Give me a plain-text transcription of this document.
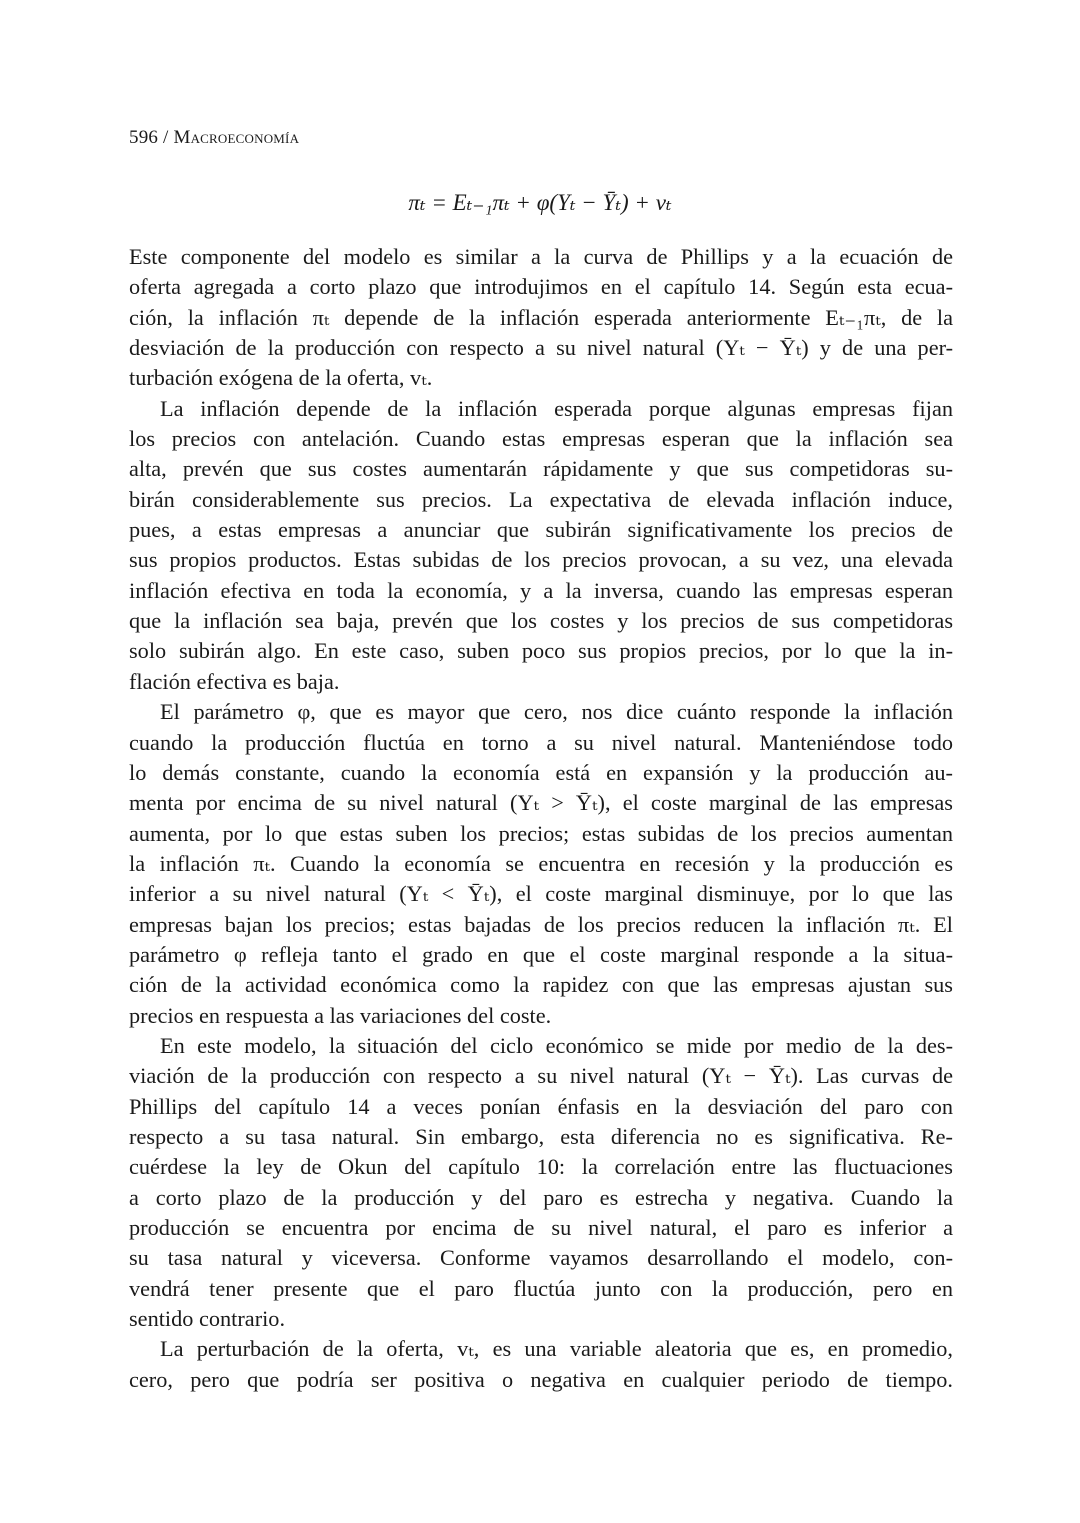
596 / Macroeconomía
πₜ = Eₜ₋₁πₜ + φ(Yₜ − Ȳₜ) + vₜ
Este componente del modelo es similar a la curva de Phillips y a la ecuación de
oferta agregada a corto plazo que introdujimos en el capítulo 14. Según esta ecua-
ción, la inflación πₜ depende de la inflación esperada anteriormente Eₜ₋₁πₜ, de la
desviación de la producción con respecto a su nivel natural (Yₜ − Ȳₜ) y de una per-
turbación exógena de la oferta, vₜ.
La inflación depende de la inflación esperada porque algunas empresas fijan
los precios con antelación. Cuando estas empresas esperan que la inflación sea
alta, prevén que sus costes aumentarán rápidamente y que sus competidoras su-
birán considerablemente sus precios. La expectativa de elevada inflación induce,
pues, a estas empresas a anunciar que subirán significativamente los precios de
sus propios productos. Estas subidas de los precios provocan, a su vez, una elevada
inflación efectiva en toda la economía, y a la inversa, cuando las empresas esperan
que la inflación sea baja, prevén que los costes y los precios de sus competidoras
solo subirán algo. En este caso, suben poco sus propios precios, por lo que la in-
flación efectiva es baja.
El parámetro φ, que es mayor que cero, nos dice cuánto responde la inflación
cuando la producción fluctúa en torno a su nivel natural. Manteniéndose todo
lo demás constante, cuando la economía está en expansión y la producción au-
menta por encima de su nivel natural (Yₜ > Ȳₜ), el coste marginal de las empresas
aumenta, por lo que estas suben los precios; estas subidas de los precios aumentan
la inflación πₜ. Cuando la economía se encuentra en recesión y la producción es
inferior a su nivel natural (Yₜ < Ȳₜ), el coste marginal disminuye, por lo que las
empresas bajan los precios; estas bajadas de los precios reducen la inflación πₜ. El
parámetro φ refleja tanto el grado en que el coste marginal responde a la situa-
ción de la actividad económica como la rapidez con que las empresas ajustan sus
precios en respuesta a las variaciones del coste.
En este modelo, la situación del ciclo económico se mide por medio de la des-
viación de la producción con respecto a su nivel natural (Yₜ − Ȳₜ). Las curvas de
Phillips del capítulo 14 a veces ponían énfasis en la desviación del paro con
respecto a su tasa natural. Sin embargo, esta diferencia no es significativa. Re-
cuérdese la ley de Okun del capítulo 10: la correlación entre las fluctuaciones
a corto plazo de la producción y del paro es estrecha y negativa. Cuando la
producción se encuentra por encima de su nivel natural, el paro es inferior a
su tasa natural y viceversa. Conforme vayamos desarrollando el modelo, con-
vendrá tener presente que el paro fluctúa junto con la producción, pero en
sentido contrario.
La perturbación de la oferta, vₜ, es una variable aleatoria que es, en promedio,
cero, pero que podría ser positiva o negativa en cualquier periodo de tiempo.
